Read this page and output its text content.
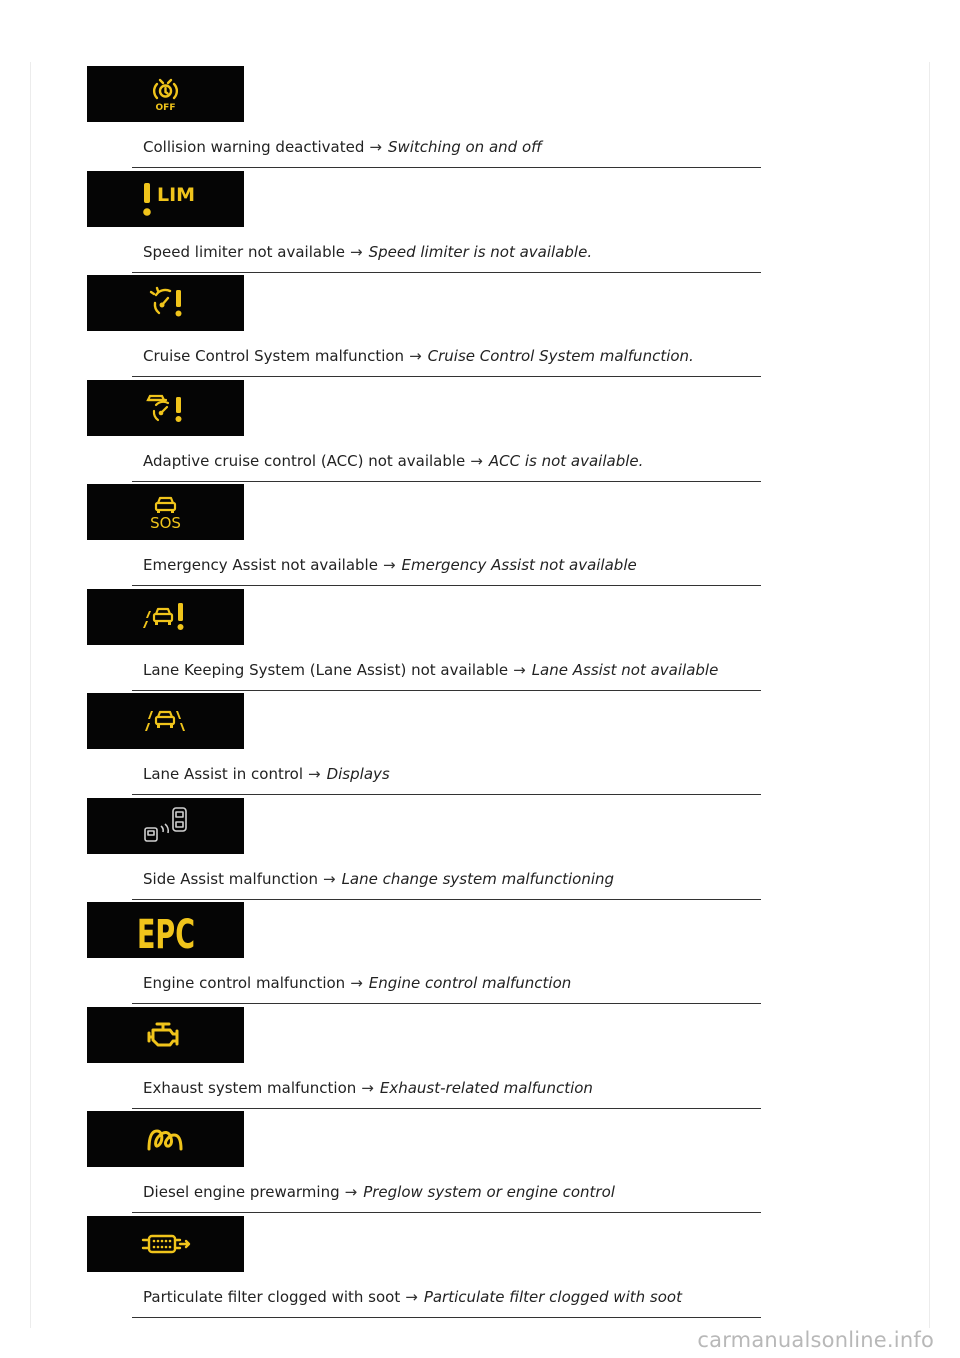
OFF
Collision warning deactivated → Switching on and off
LIM
Speed limiter not available → Speed limiter is not available.
Cruise Control System malfunction → Cruise Control System malfunction.
Adaptive cruise control (ACC) not available → ACC is not available.
SOS
Emergency Assist not available → Emergency Assist not available
Lane Keeping System (Lane Assist) not available → Lane Assist not available
Lane Assist in control → Displays
Side Assist malfunction → Lane change system malfunctioning
EPC
Engine control malfunction → Engine control malfunction
Exhaust system malfunction → Exhaust-related malfunction
Diesel engine prewarming → Preglow system or engine control
Particulate filter clogged with soot → Particulate filter clogged with soot
carmanualsonline.info
